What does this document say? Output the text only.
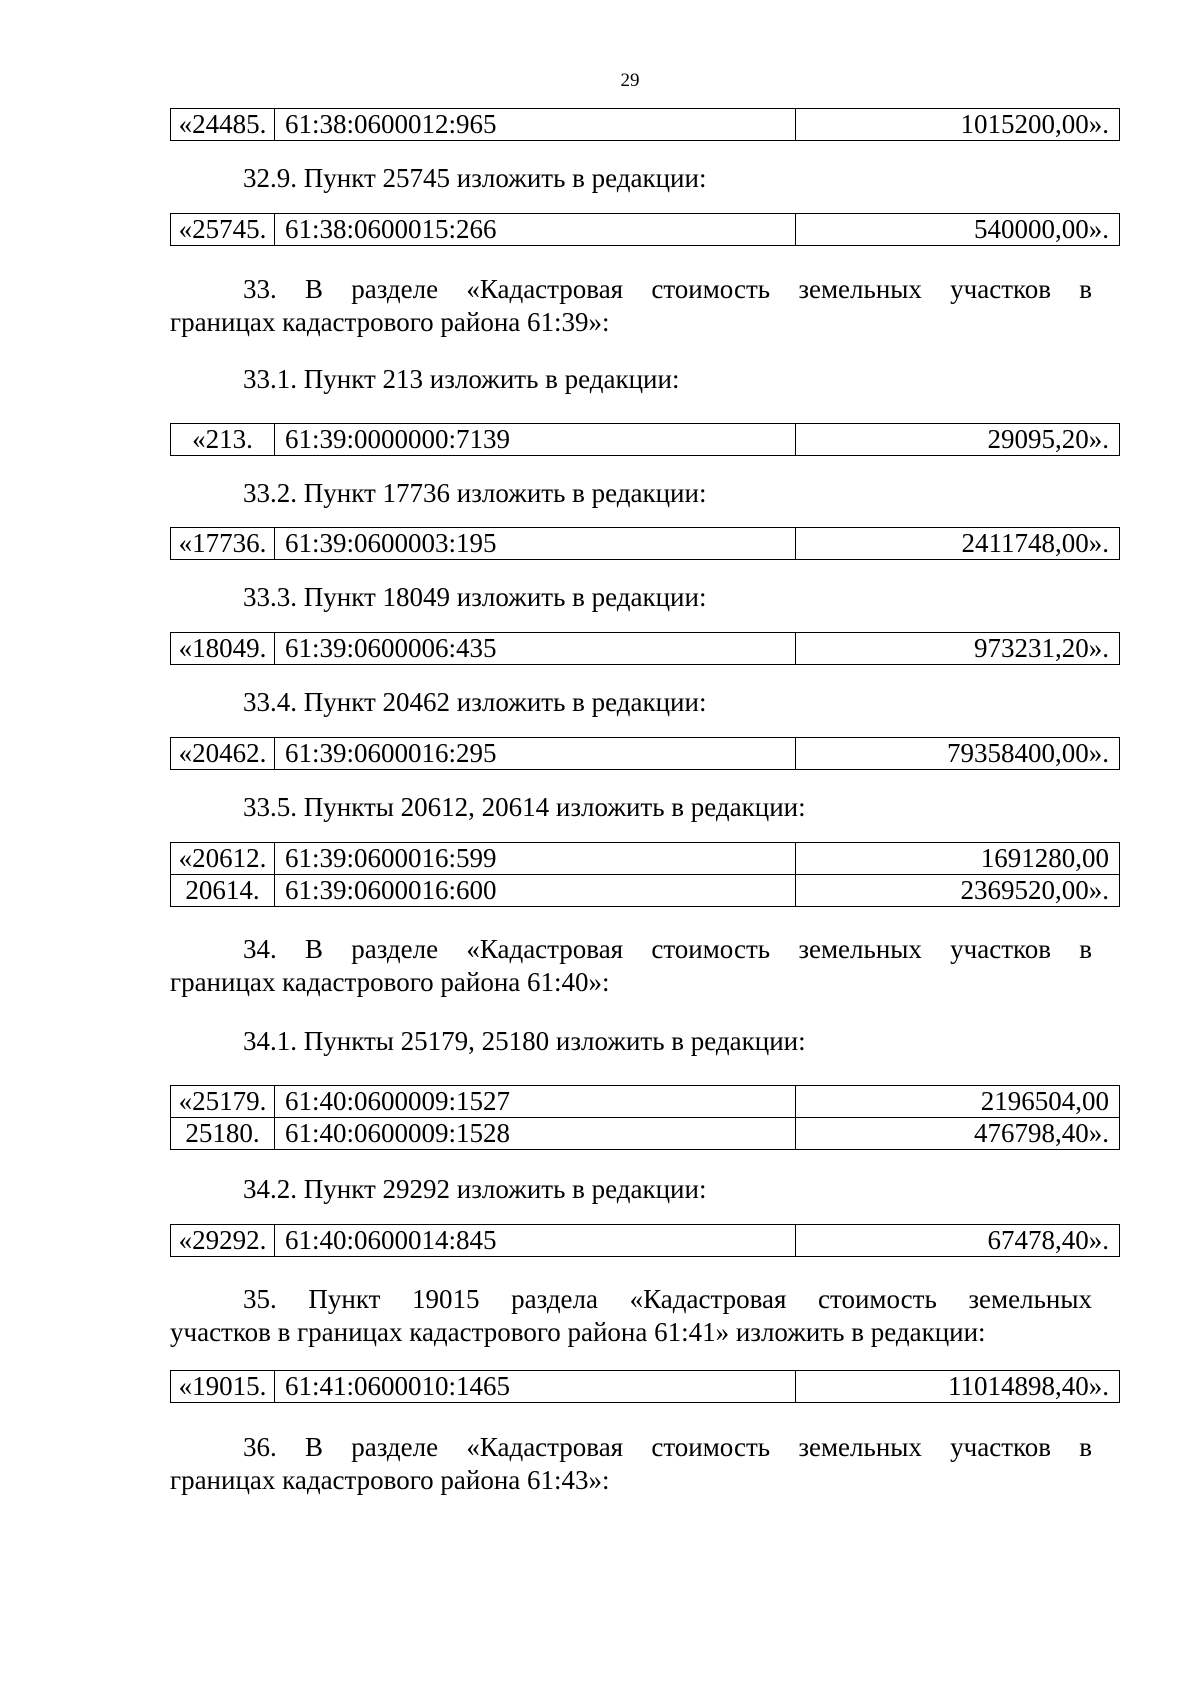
29
«24485.	61:38:0600012:965	1015200,00».
32.9. Пункт 25745 изложить в редакции:
«25745.	61:38:0600015:266	540000,00».
33. В разделе «Кадастровая стоимость земельных участков в
границах кадастрового района 61:39»:
33.1. Пункт 213 изложить в редакции:
«213.	61:39:0000000:7139	29095,20».
33.2. Пункт 17736 изложить в редакции:
«17736.	61:39:0600003:195	2411748,00».
33.3. Пункт 18049 изложить в редакции:
«18049.	61:39:0600006:435	973231,20».
33.4. Пункт 20462 изложить в редакции:
«20462.	61:39:0600016:295	79358400,00».
33.5. Пункты 20612, 20614 изложить в редакции:
«20612.	61:39:0600016:599	1691280,00
20614.	61:39:0600016:600	2369520,00».
34. В разделе «Кадастровая стоимость земельных участков в
границах кадастрового района 61:40»:
34.1. Пункты 25179, 25180 изложить в редакции:
«25179.	61:40:0600009:1527	2196504,00
25180.	61:40:0600009:1528	476798,40».
34.2. Пункт 29292 изложить в редакции:
«29292.	61:40:0600014:845	67478,40».
35. Пункт 19015 раздела «Кадастровая стоимость земельных
участков в границах кадастрового района 61:41» изложить в редакции:
«19015.	61:41:0600010:1465	11014898,40».
36. В разделе «Кадастровая стоимость земельных участков в
границах кадастрового района 61:43»:
